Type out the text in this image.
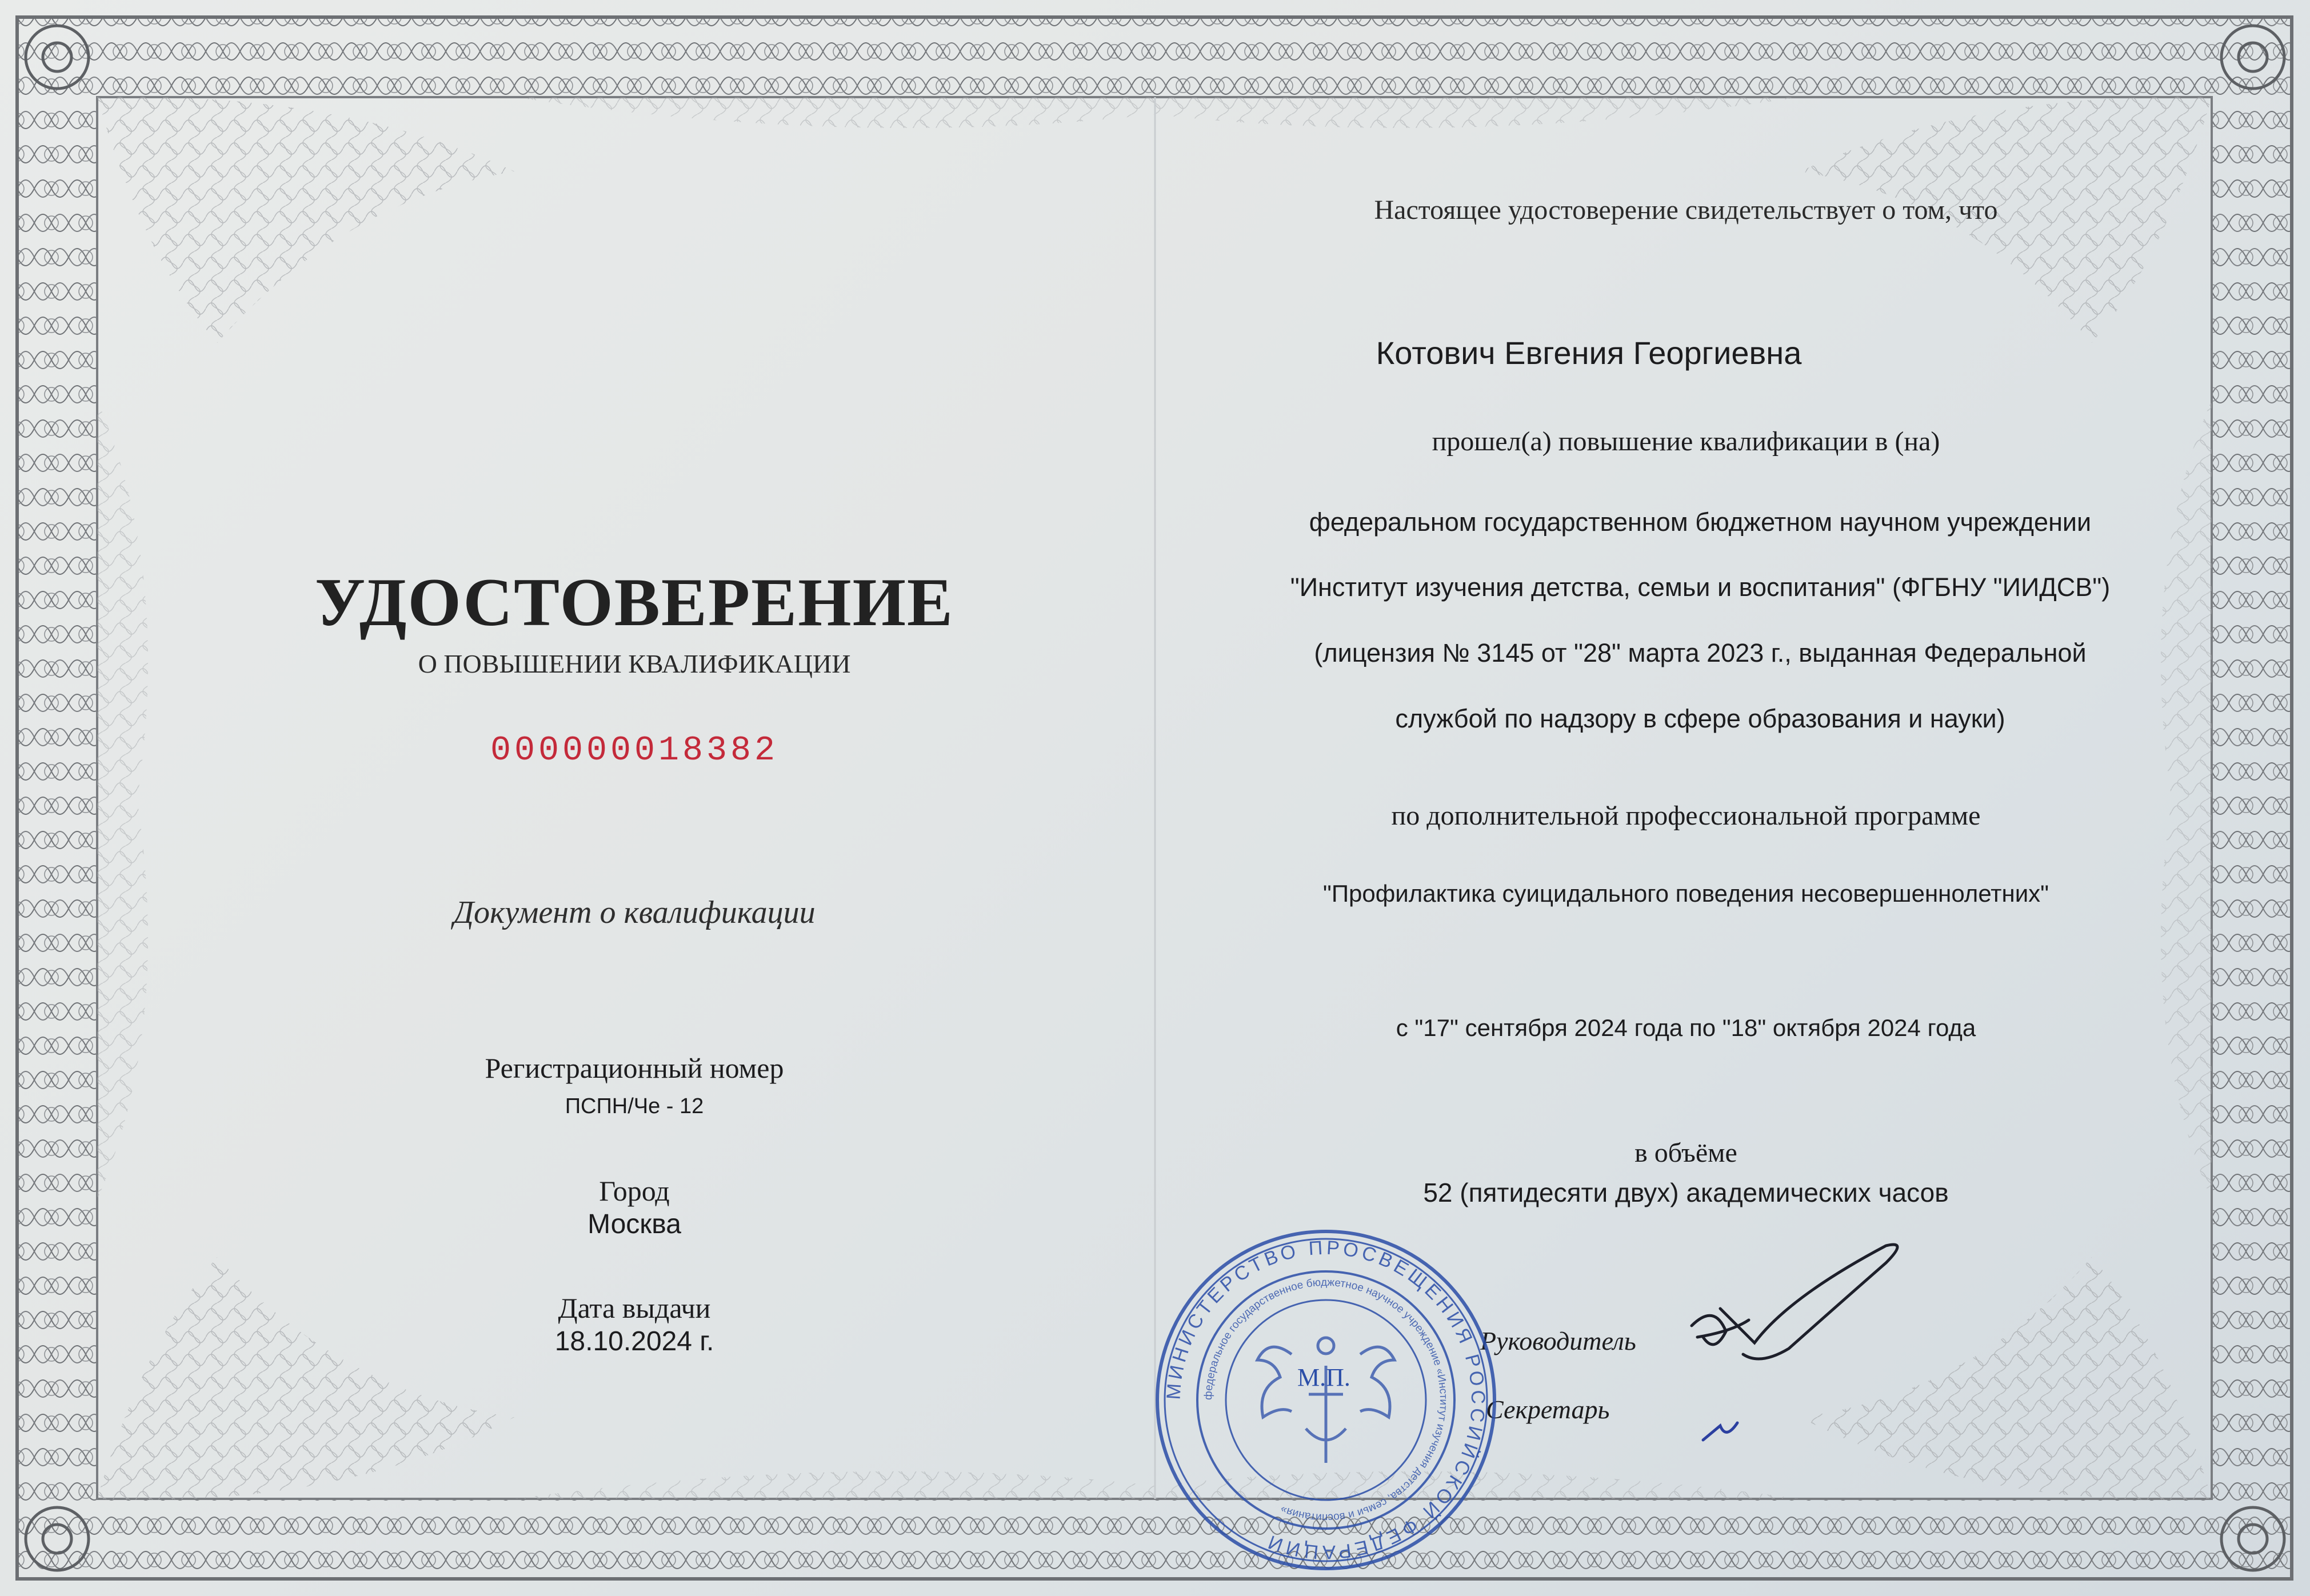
УДОСТОВЕРЕНИЕ
О ПОВЫШЕНИИ КВАЛИФИКАЦИИ
000000018382
Документ о квалификации
Регистрационный номер
ПСПН/Че - 12
Город
Москва
Дата выдачи
18.10.2024 г.
Настоящее удостоверение свидетельствует о том, что
Котович Евгения Георгиевна
прошел(а) повышение квалификации в (на)
федеральном государственном бюджетном научном учреждении
"Институт изучения детства, семьи и воспитания" (ФГБНУ "ИИДСВ")
(лицензия № 3145 от "28" марта 2023 г., выданная Федеральной
службой по надзору в сфере образования и науки)
по дополнительной профессиональной программе
"Профилактика суицидального поведения несовершеннолетних"
с "17" сентября 2024 года по "18" октября 2024 года
в объёме
52 (пятидесяти двух) академических часов
Руководитель
Секретарь
МИНИСТЕРСТВО ПРОСВЕЩЕНИЯ РОССИЙСКОЙ ФЕДЕРАЦИИ
федеральное государственное бюджетное научное учреждение «Институт изучения детства, семьи и воспитания»
М.П.
